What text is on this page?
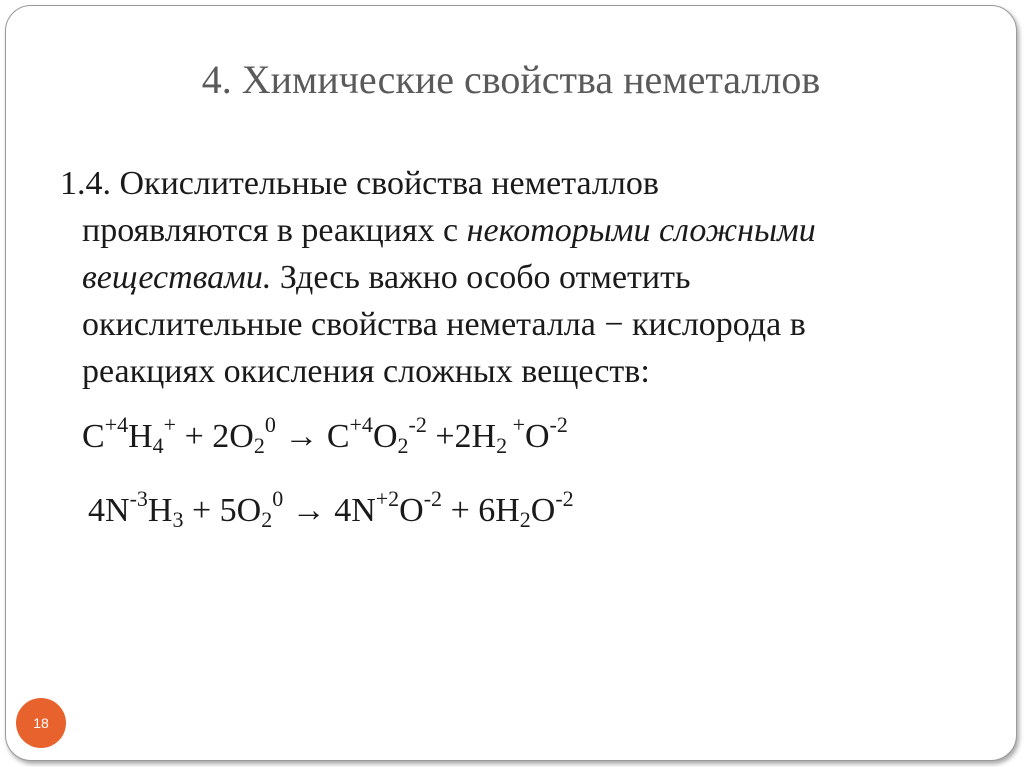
4. Химические свойства неметаллов
1.4. Окислительные свойства неметаллов
проявляются в реакциях с некоторыми сложными
веществами. Здесь важно особо отметить
окислительные свойства неметалла − кислорода в
реакциях окисления сложных веществ:
$C^{+4}H_4^+ + 2O_2^0 \to C^{+4}O_2^{-2} +2H_2$ $^+O^{-2}$
$4N^{-3}H_3 + 5O_2^0 \to 4N^{+2}O^{-2} + 6H_2O^{-2}$
18
